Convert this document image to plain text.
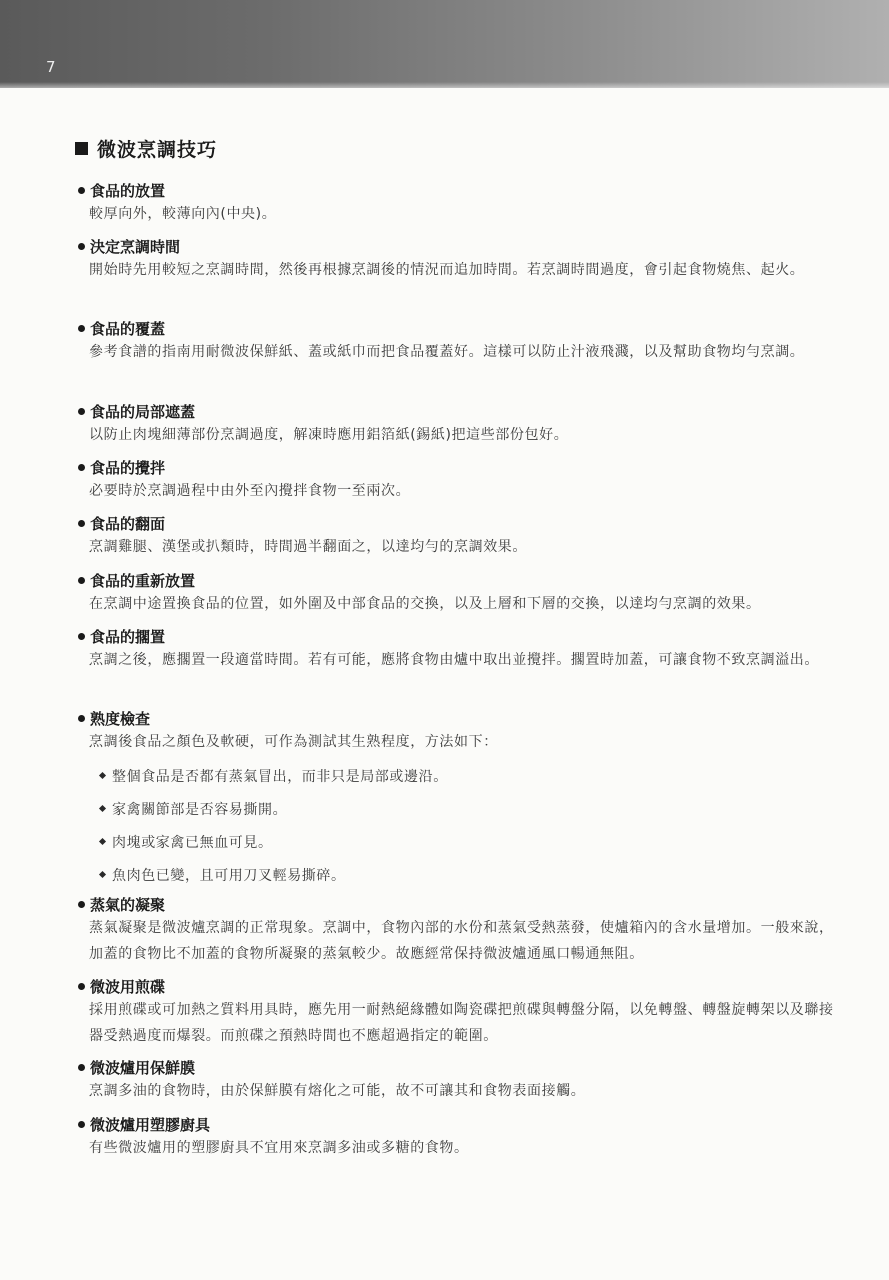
7
微波烹調技巧
食品的放置
較厚向外，較薄向內(中央)。
決定烹調時間
開始時先用較短之烹調時間，然後再根據烹調後的情況而追加時間。若烹調時間過度，會引起食物燒焦、起火。
食品的覆蓋
參考食譜的指南用耐微波保鮮紙、蓋或紙巾而把食品覆蓋好。這樣可以防止汁液飛濺，以及幫助食物均勻烹調。
食品的局部遮蓋
以防止肉塊細薄部份烹調過度，解凍時應用鋁箔紙(錫紙)把這些部份包好。
食品的攪拌
必要時於烹調過程中由外至內攪拌食物一至兩次。
食品的翻面
烹調雞腿、漢堡或扒類時，時間過半翻面之，以達均勻的烹調效果。
食品的重新放置
在烹調中途置換食品的位置，如外圍及中部食品的交換，以及上層和下層的交換，以達均勻烹調的效果。
食品的擱置
烹調之後，應擱置一段適當時間。若有可能，應將食物由爐中取出並攪拌。擱置時加蓋，可讓食物不致烹調溢出。
熟度檢查
烹調後食品之顏色及軟硬，可作為測試其生熟程度，方法如下：
整個食品是否都有蒸氣冒出，而非只是局部或邊沿。
家禽關節部是否容易撕開。
肉塊或家禽已無血可見。
魚肉色已變，且可用刀叉輕易撕碎。
蒸氣的凝聚
蒸氣凝聚是微波爐烹調的正常現象。烹調中，食物內部的水份和蒸氣受熱蒸發，使爐箱內的含水量增加。一般來說，加蓋的食物比不加蓋的食物所凝聚的蒸氣較少。故應經常保持微波爐通風口暢通無阻。
微波用煎碟
採用煎碟或可加熱之質料用具時，應先用一耐熱絕緣體如陶瓷碟把煎碟與轉盤分隔，以免轉盤、轉盤旋轉架以及聯接器受熱過度而爆裂。而煎碟之預熱時間也不應超過指定的範圍。
微波爐用保鮮膜
烹調多油的食物時，由於保鮮膜有熔化之可能，故不可讓其和食物表面接觸。
微波爐用塑膠廚具
有些微波爐用的塑膠廚具不宜用來烹調多油或多糖的食物。
